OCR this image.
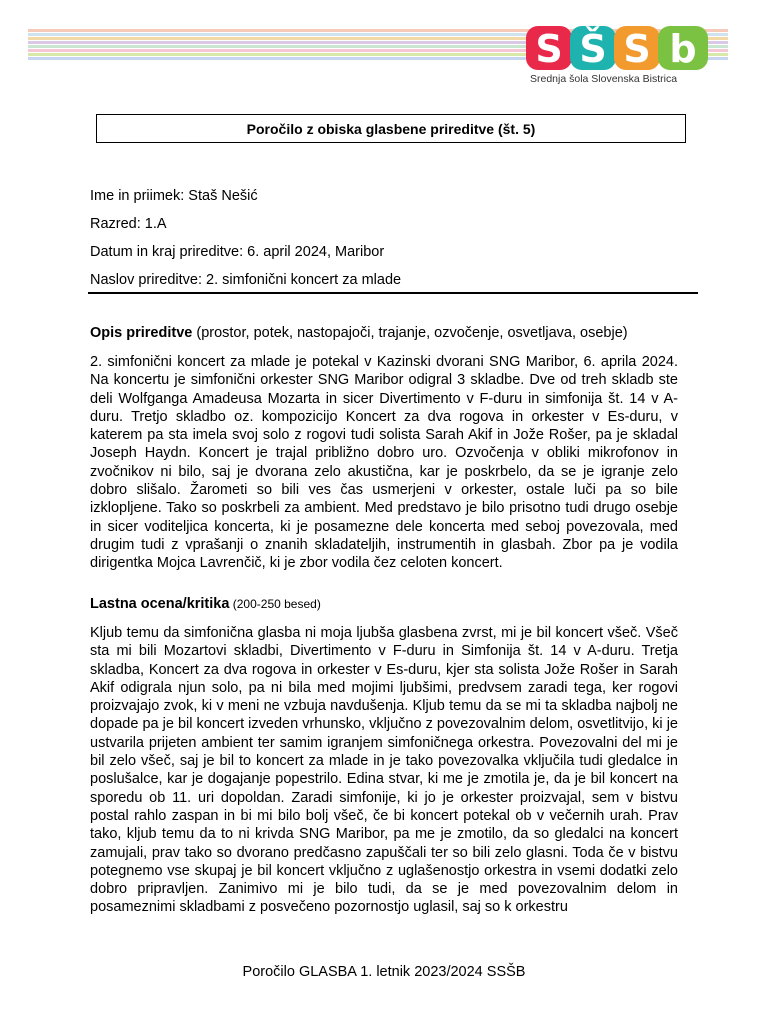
S Š S b
Srednja šola Slovenska Bistrica
Poročilo z obiska glasbene prireditve (št. 5)
Ime in priimek: Staš Nešić
Razred: 1.A
Datum in kraj prireditve: 6. april 2024, Maribor
Naslov prireditve: 2. simfonični koncert za mlade
Opis prireditve (prostor, potek, nastopajoči, trajanje, ozvočenje, osvetljava, osebje)

2. simfonični koncert za mlade je potekal v Kazinski dvorani SNG Maribor, 6. aprila 2024. Na koncertu je simfonični orkester SNG Maribor odigral 3 skladbe. Dve od treh skladb ste deli Wolfganga Amadeusa Mozarta in sicer Divertimento v F-duru in simfonija št. 14 v A-duru. Tretjo skladbo oz. kompozicijo Koncert za dva rogova in orkester v Es-duru, v katerem pa sta imela svoj solo z rogovi tudi solista Sarah Akif in Jože Rošer, pa je skladal Joseph Haydn. Koncert je trajal približno dobro uro. Ozvočenja v obliki mikrofonov in zvočnikov ni bilo, saj je dvorana zelo akustična, kar je poskrbelo, da se je igranje zelo dobro slišalo. Žarometi so bili ves čas usmerjeni v orkester, ostale luči pa so bile izklopljene. Tako so poskrbeli za ambient. Med predstavo je bilo prisotno tudi drugo osebje in sicer voditeljica koncerta, ki je posamezne dele koncerta med seboj povezovala, med drugim tudi z vprašanji o znanih skladateljih, instrumentih in glasbah. Zbor pa je vodila dirigentka Mojca Lavrenčič, ki je zbor vodila čez celoten koncert.

Lastna ocena/kritika (200-250 besed)

Kljub temu da simfonična glasba ni moja ljubša glasbena zvrst, mi je bil koncert všeč. Všeč sta mi bili Mozartovi skladbi, Divertimento v F-duru in Simfonija št. 14 v A-duru. Tretja skladba, Koncert za dva rogova in orkester v Es-duru, kjer sta solista Jože Rošer in Sarah Akif odigrala njun solo, pa ni bila med mojimi ljubšimi, predvsem zaradi tega, ker rogovi proizvajajo zvok, ki v meni ne vzbuja navdušenja. Kljub temu da se mi ta skladba najbolj ne dopade pa je bil koncert izveden vrhunsko, vključno z povezovalnim delom, osvetlitvijo, ki je ustvarila prijeten ambient ter samim igranjem simfoničnega orkestra. Povezovalni del mi je bil zelo všeč, saj je bil to koncert za mlade in je tako povezovalka vključila tudi gledalce in poslušalce, kar je dogajanje popestrilo. Edina stvar, ki me je zmotila je, da je bil koncert na sporedu ob 11. uri dopoldan. Zaradi simfonije, ki jo je orkester proizvajal, sem v bistvu postal rahlo zaspan in bi mi bilo bolj všeč, če bi koncert potekal ob v večernih urah. Prav tako, kljub temu da to ni krivda SNG Maribor, pa me je zmotilo, da so gledalci na koncert zamujali, prav tako so dvorano predčasno zapuščali ter so bili zelo glasni. Toda če v bistvu potegnemo vse skupaj je bil koncert vključno z uglašenostjo orkestra in vsemi dodatki zelo dobro pripravljen. Zanimivo mi je bilo tudi, da se je med povezovalnim delom in posameznimi skladbami z posvečeno pozornostjo uglasil, saj so k orkestru

Poročilo GLASBA 1. letnik 2023/2024 SSŠB
